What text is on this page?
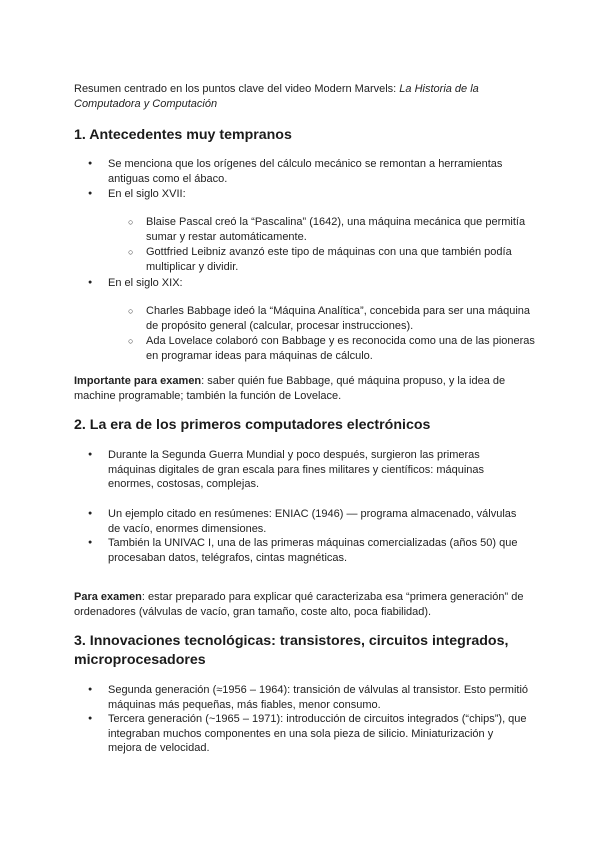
Resumen centrado en los puntos clave del video Modern Marvels: La Historia de la Computadora y Computación
1. Antecedentes muy tempranos
● Se menciona que los orígenes del cálculo mecánico se remontan a herramientas antiguas como el ábaco.
● En el siglo XVII:
○ Blaise Pascal creó la “Pascalina” (1642), una máquina mecánica que permitía sumar y restar automáticamente.
○ Gottfried Leibniz avanzó este tipo de máquinas con una que también podía multiplicar y dividir.
● En el siglo XIX:
○ Charles Babbage ideó la “Máquina Analítica”, concebida para ser una máquina de propósito general (calcular, procesar instrucciones).
○ Ada Lovelace colaboró con Babbage y es reconocida como una de las pioneras en programar ideas para máquinas de cálculo.
Importante para examen: saber quién fue Babbage, qué máquina propuso, y la idea de machine programable; también la función de Lovelace.
2. La era de los primeros computadores electrónicos
● Durante la Segunda Guerra Mundial y poco después, surgieron las primeras máquinas digitales de gran escala para fines militares y científicos: máquinas enormes, costosas, complejas.
● Un ejemplo citado en resúmenes: ENIAC (1946) — programa almacenado, válvulas de vacío, enormes dimensiones.
● También la UNIVAC I, una de las primeras máquinas comercializadas (años 50) que procesaban datos, telégrafos, cintas magnéticas.
Para examen: estar preparado para explicar qué caracterizaba esa “primera generación” de ordenadores (válvulas de vacío, gran tamaño, coste alto, poca fiabilidad).
3. Innovaciones tecnológicas: transistores, circuitos integrados, microprocesadores
● Segunda generación (≈1956 – 1964): transición de válvulas al transistor. Esto permitió máquinas más pequeñas, más fiables, menor consumo.
● Tercera generación (~1965 – 1971): introducción de circuitos integrados (“chips”), que integraban muchos componentes en una sola pieza de silicio. Miniaturización y mejora de velocidad.
